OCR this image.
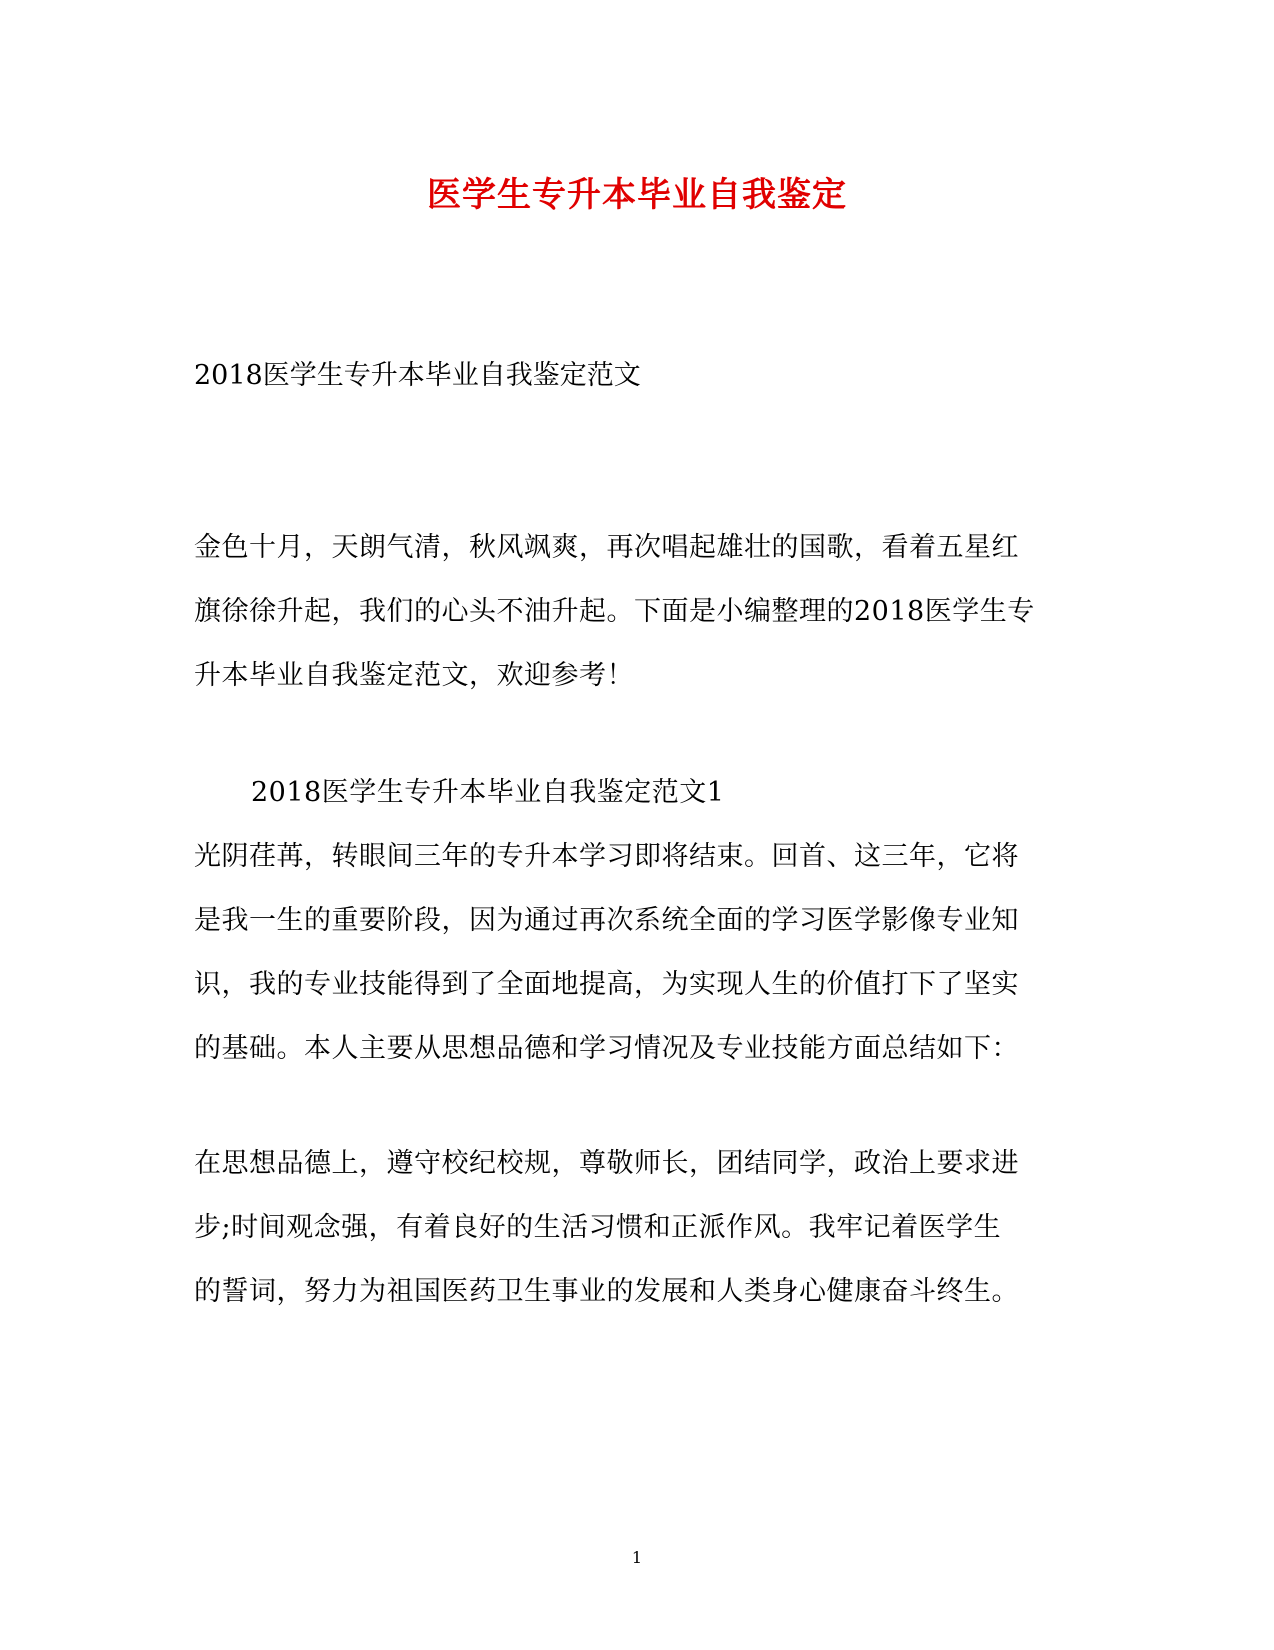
医学生专升本毕业自我鉴定
2018医学生专升本毕业自我鉴定范文
金色十月，天朗气清，秋风飒爽，再次唱起雄壮的国歌，看着五星红
旗徐徐升起，我们的心头不油升起。下面是小编整理的2018医学生专
升本毕业自我鉴定范文，欢迎参考！
2018医学生专升本毕业自我鉴定范文1
光阴荏苒，转眼间三年的专升本学习即将结束。回首、这三年，它将
是我一生的重要阶段，因为通过再次系统全面的学习医学影像专业知
识，我的专业技能得到了全面地提高，为实现人生的价值打下了坚实
的基础。本人主要从思想品德和学习情况及专业技能方面总结如下：
在思想品德上，遵守校纪校规，尊敬师长，团结同学，政治上要求进
步;时间观念强，有着良好的生活习惯和正派作风。我牢记着医学生
的誓词，努力为祖国医药卫生事业的发展和人类身心健康奋斗终生。
1
